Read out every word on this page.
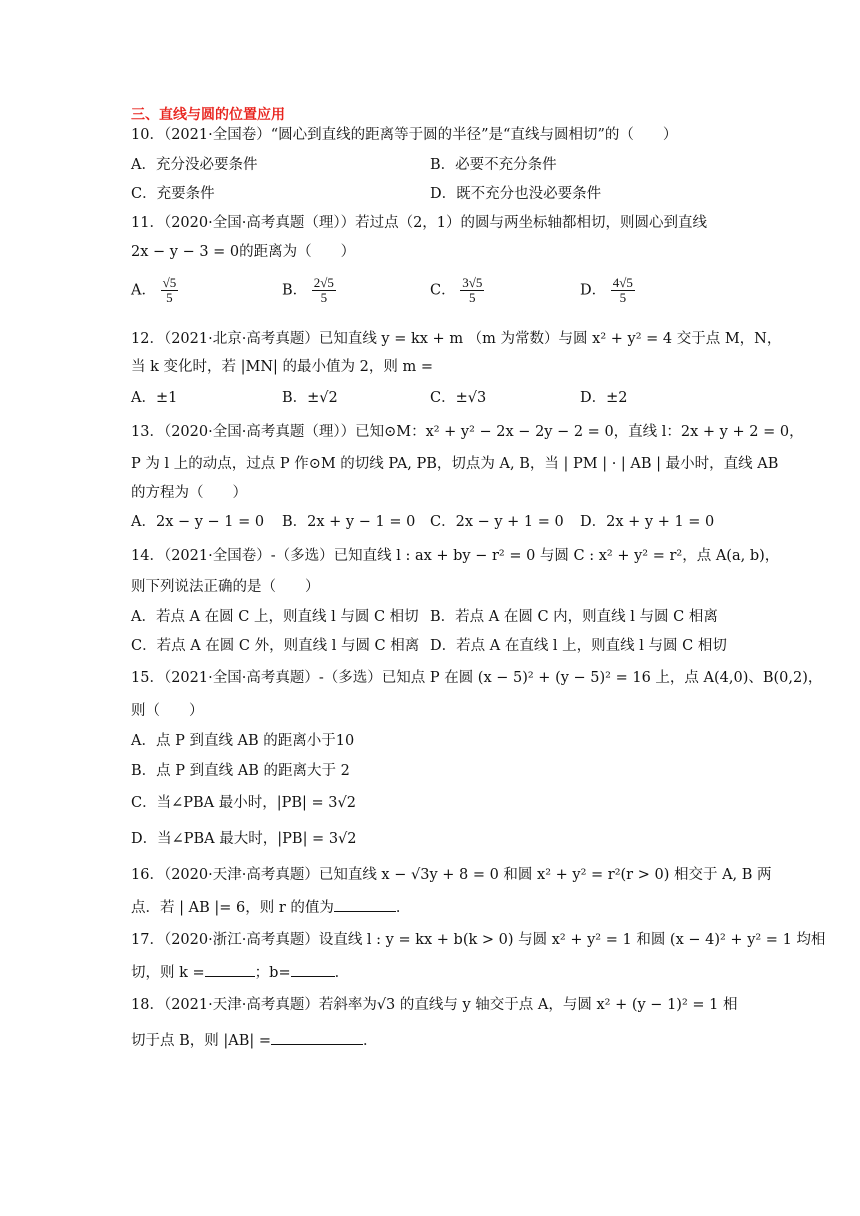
三、直线与圆的位置应用
10．（2021·全国卷）“圆心到直线的距离等于圆的半径”是“直线与圆相切”的（　　）
A．充分没必要条件	B．必要不充分条件
C．充要条件	D．既不充分也没必要条件
11．（2020·全国·高考真题（理））若过点（2，1）的圆与两坐标轴都相切，则圆心到直线
2x − y − 3 = 0的距离为（　　）
A． $\frac{√5}{5}$	B． $\frac{2√5}{5}$	C． $\frac{3√5}{5}$	D． $\frac{4√5}{5}$
12．（2021·北京·高考真题）已知直线 y = kx + m （m 为常数）与圆 x² + y² = 4 交于点 M，N，
当 k 变化时，若 |MN| 的最小值为 2，则 m =
A．±1	B．±√2	C．±√3	D．±2
13．（2020·全国·高考真题（理））已知⊙M：x² + y² − 2x − 2y − 2 = 0，直线 l：2x + y + 2 = 0，
P 为 l 上的动点，过点 P 作⊙M 的切线 PA, PB，切点为 A, B，当 | PM | · | AB | 最小时，直线 AB
的方程为（　　）
A．2x − y − 1 = 0 B．2x + y − 1 = 0 C．2x − y + 1 = 0 D．2x + y + 1 = 0
14．（2021·全国卷）-（多选）已知直线 l : ax + by − r² = 0 与圆 C : x² + y² = r²，点 A(a, b)，
则下列说法正确的是（　　）
A．若点 A 在圆 C 上，则直线 l 与圆 C 相切 B．若点 A 在圆 C 内，则直线 l 与圆 C 相离
C．若点 A 在圆 C 外，则直线 l 与圆 C 相离 D．若点 A 在直线 l 上，则直线 l 与圆 C 相切
15．（2021·全国·高考真题）-（多选）已知点 P 在圆 (x − 5)² + (y − 5)² = 16 上，点 A(4,0)、B(0,2)，
则（　　）
A．点 P 到直线 AB 的距离小于10
B．点 P 到直线 AB 的距离大于 2
C．当∠PBA 最小时，|PB| = 3√2
D．当∠PBA 最大时，|PB| = 3√2
16．（2020·天津·高考真题）已知直线 x − √3y + 8 = 0 和圆 x² + y² = r²(r > 0) 相交于 A, B 两
点．若 | AB |= 6，则 r 的值为	．
17．（2020·浙江·高考真题）设直线 l : y = kx + b(k > 0) 与圆 x² + y² = 1 和圆 (x − 4)² + y² = 1 均相
切，则 k =	；b=	．
18．（2021·天津·高考真题）若斜率为√3 的直线与 y 轴交于点 A，与圆 x² + (y − 1)² = 1 相
切于点 B，则 |AB| =	．
